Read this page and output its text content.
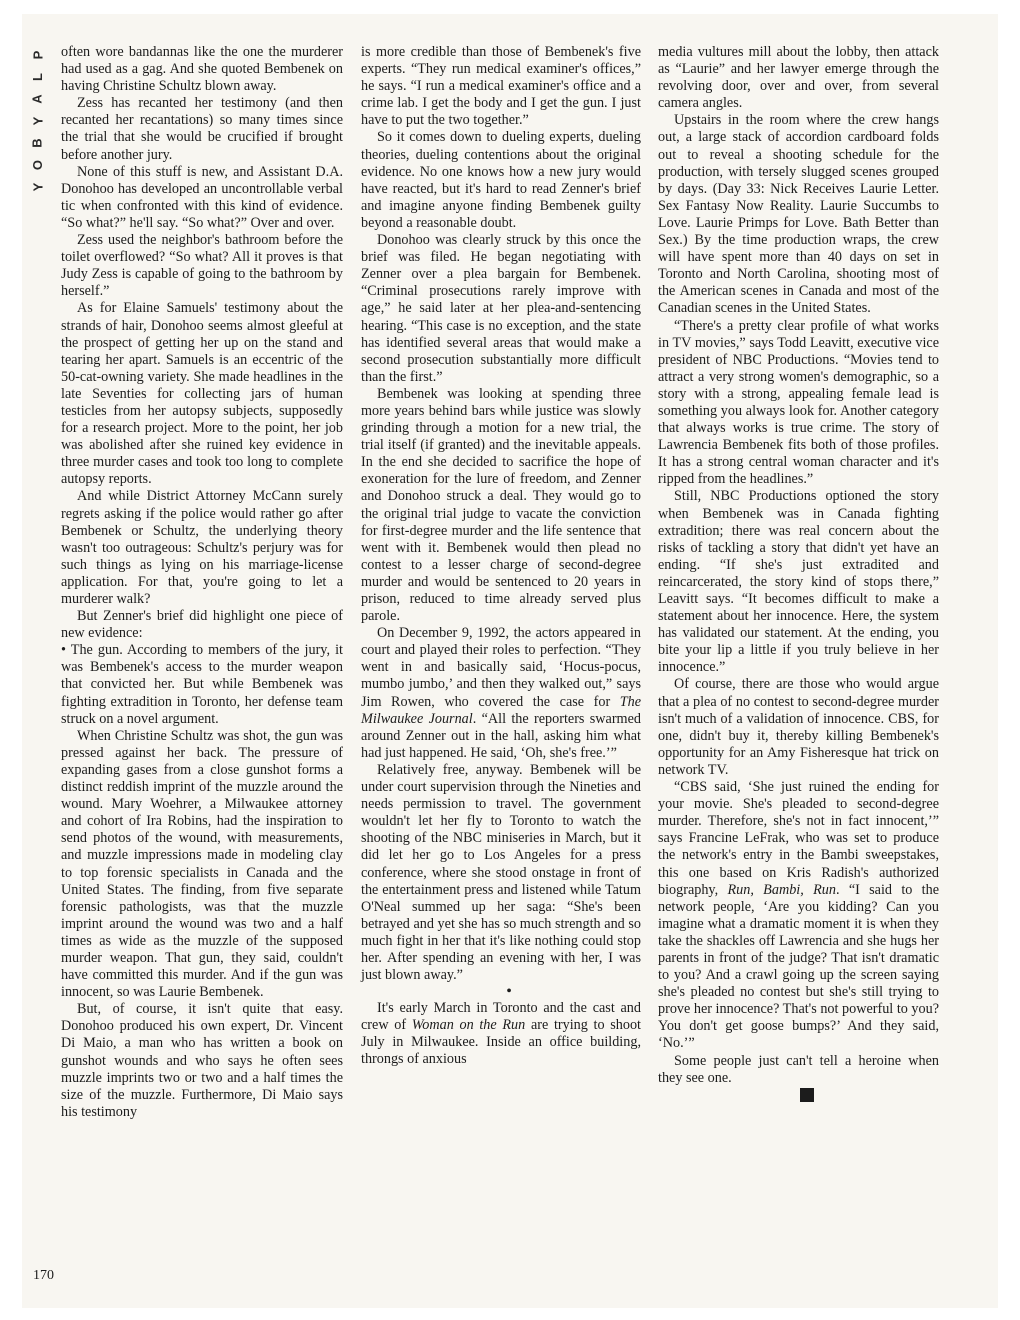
P
L
A
Y
B
O
Y

often wore bandannas like the one the murderer had used as a gag. And she quoted Bembenek on having Christine Schultz blown away.

Zess has recanted her testimony (and then recanted her recantations) so many times since the trial that she would be crucified if brought before another jury.

None of this stuff is new, and Assistant D.A. Donohoo has developed an uncontrollable verbal tic when confronted with this kind of evidence. “So what?” he'll say. “So what?” Over and over.

Zess used the neighbor's bathroom before the toilet overflowed? “So what? All it proves is that Judy Zess is capable of going to the bathroom by herself.”

As for Elaine Samuels' testimony about the strands of hair, Donohoo seems almost gleeful at the prospect of getting her up on the stand and tearing her apart. Samuels is an eccentric of the 50-cat-owning variety. She made headlines in the late Seventies for collecting jars of human testicles from her autopsy subjects, supposedly for a research project. More to the point, her job was abolished after she ruined key evidence in three murder cases and took too long to complete autopsy reports.

And while District Attorney McCann surely regrets asking if the police would rather go after Bembenek or Schultz, the underlying theory wasn't too outrageous: Schultz's perjury was for such things as lying on his marriage-license application. For that, you're going to let a murderer walk?

But Zenner's brief did highlight one piece of new evidence:

• The gun. According to members of the jury, it was Bembenek's access to the murder weapon that convicted her. But while Bembenek was fighting extradition in Toronto, her defense team struck on a novel argument.

When Christine Schultz was shot, the gun was pressed against her back. The pressure of expanding gases from a close gunshot forms a distinct reddish imprint of the muzzle around the wound. Mary Woehrer, a Milwaukee attorney and cohort of Ira Robins, had the inspiration to send photos of the wound, with measurements, and muzzle impressions made in modeling clay to top forensic specialists in Canada and the United States. The finding, from five separate forensic pathologists, was that the muzzle imprint around the wound was two and a half times as wide as the muzzle of the supposed murder weapon. That gun, they said, couldn't have committed this murder. And if the gun was innocent, so was Laurie Bembenek.

But, of course, it isn't quite that easy. Donohoo produced his own expert, Dr. Vincent Di Maio, a man who has written a book on gunshot wounds and who says he often sees muzzle imprints two or two and a half times the size of the muzzle. Furthermore, Di Maio says his testimony

is more credible than those of Bembenek's five experts. “They run medical examiner's offices,” he says. “I run a medical examiner's office and a crime lab. I get the body and I get the gun. I just have to put the two together.”

So it comes down to dueling experts, dueling theories, dueling contentions about the original evidence. No one knows how a new jury would have reacted, but it's hard to read Zenner's brief and imagine anyone finding Bembenek guilty beyond a reasonable doubt.

Donohoo was clearly struck by this once the brief was filed. He began negotiating with Zenner over a plea bargain for Bembenek. “Criminal prosecutions rarely improve with age,” he said later at her plea-and-sentencing hearing. “This case is no exception, and the state has identified several areas that would make a second prosecution substantially more difficult than the first.”

Bembenek was looking at spending three more years behind bars while justice was slowly grinding through a motion for a new trial, the trial itself (if granted) and the inevitable appeals. In the end she decided to sacrifice the hope of exoneration for the lure of freedom, and Zenner and Donohoo struck a deal. They would go to the original trial judge to vacate the conviction for first-degree murder and the life sentence that went with it. Bembenek would then plead no contest to a lesser charge of second-degree murder and would be sentenced to 20 years in prison, reduced to time already served plus parole.

On December 9, 1992, the actors appeared in court and played their roles to perfection. “They went in and basically said, ‘Hocus-pocus, mumbo jumbo,’ and then they walked out,” says Jim Rowen, who covered the case for The Milwaukee Journal. “All the reporters swarmed around Zenner out in the hall, asking him what had just happened. He said, ‘Oh, she's free.’”

Relatively free, anyway. Bembenek will be under court supervision through the Nineties and needs permission to travel. The government wouldn't let her fly to Toronto to watch the shooting of the NBC miniseries in March, but it did let her go to Los Angeles for a press conference, where she stood onstage in front of the entertainment press and listened while Tatum O'Neal summed up her saga: “She's been betrayed and yet she has so much strength and so much fight in her that it's like nothing could stop her. After spending an evening with her, I was just blown away.”

•

It's early March in Toronto and the cast and crew of Woman on the Run are trying to shoot July in Milwaukee. Inside an office building, throngs of anxious

media vultures mill about the lobby, then attack as “Laurie” and her lawyer emerge through the revolving door, over and over, from several camera angles.

Upstairs in the room where the crew hangs out, a large stack of accordion cardboard folds out to reveal a shooting schedule for the production, with tersely slugged scenes grouped by days. (Day 33: Nick Receives Laurie Letter. Sex Fantasy Now Reality. Laurie Succumbs to Love. Laurie Primps for Love. Bath Better than Sex.) By the time production wraps, the crew will have spent more than 40 days on set in Toronto and North Carolina, shooting most of the American scenes in Canada and most of the Canadian scenes in the United States.

“There's a pretty clear profile of what works in TV movies,” says Todd Leavitt, executive vice president of NBC Productions. “Movies tend to attract a very strong women's demographic, so a story with a strong, appealing female lead is something you always look for. Another category that always works is true crime. The story of Lawrencia Bembenek fits both of those profiles. It has a strong central woman character and it's ripped from the headlines.”

Still, NBC Productions optioned the story when Bembenek was in Canada fighting extradition; there was real concern about the risks of tackling a story that didn't yet have an ending. “If she's just extradited and reincarcerated, the story kind of stops there,” Leavitt says. “It becomes difficult to make a statement about her innocence. Here, the system has validated our statement. At the ending, you bite your lip a little if you truly believe in her innocence.”

Of course, there are those who would argue that a plea of no contest to second-degree murder isn't much of a validation of innocence. CBS, for one, didn't buy it, thereby killing Bembenek's opportunity for an Amy Fisheresque hat trick on network TV.

“CBS said, ‘She just ruined the ending for your movie. She's pleaded to second-degree murder. Therefore, she's not in fact innocent,’” says Francine LeFrak, who was set to produce the network's entry in the Bambi sweepstakes, this one based on Kris Radish's authorized biography, Run, Bambi, Run. “I said to the network people, ‘Are you kidding? Can you imagine what a dramatic moment it is when they take the shackles off Lawrencia and she hugs her parents in front of the judge? That isn't dramatic to you? And a crawl going up the screen saying she's pleaded no contest but she's still trying to prove her innocence? That's not powerful to you? You don't get goose bumps?’ And they said, ‘No.’”

Some people just can't tell a heroine when they see one.

P

170
